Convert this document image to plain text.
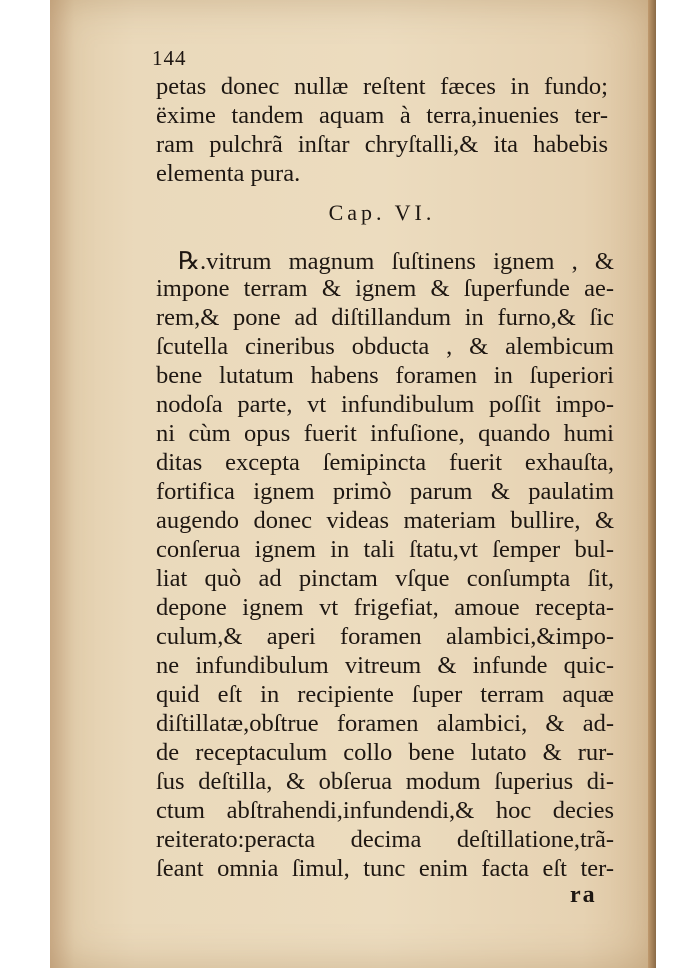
144
petas donec nullæ reſtent fæces in fundo;
ëxime tandem aquam à terra,inuenies ter-
ram pulchrã inſtar chryſtalli,& ita habebis
elementa pura.
Cap. VI.
℞.vitrum magnum ſuſtinens ignem , &
impone terram & ignem & ſuperfunde ae-
rem,& pone ad diſtillandum in furno,& ſic
ſcutella cineribus obducta , & alembicum
bene lutatum habens foramen in ſuperiori
nodoſa parte, vt infundibulum poſſit impo-
ni cùm opus fuerit infuſione, quando humi
ditas excepta ſemipincta fuerit exhauſta,
fortifica ignem primò parum & paulatim
augendo donec videas materiam bullire, &
conſerua ignem in tali ſtatu,vt ſemper bul-
liat quò ad pinctam vſque conſumpta ſit,
depone ignem vt frigefiat, amoue recepta-
culum,& aperi foramen alambici,&impo-
ne infundibulum vitreum & infunde quic-
quid eſt in recipiente ſuper terram aquæ
diſtillatæ,obſtrue foramen alambici, & ad-
de receptaculum collo bene lutato & rur-
ſus deſtilla, & obſerua modum ſuperius di-
ctum abſtrahendi,infundendi,& hoc decies
reiterato:peracta decima deſtillatione,trã-
ſeant omnia ſimul, tunc enim facta eſt ter-
ra
